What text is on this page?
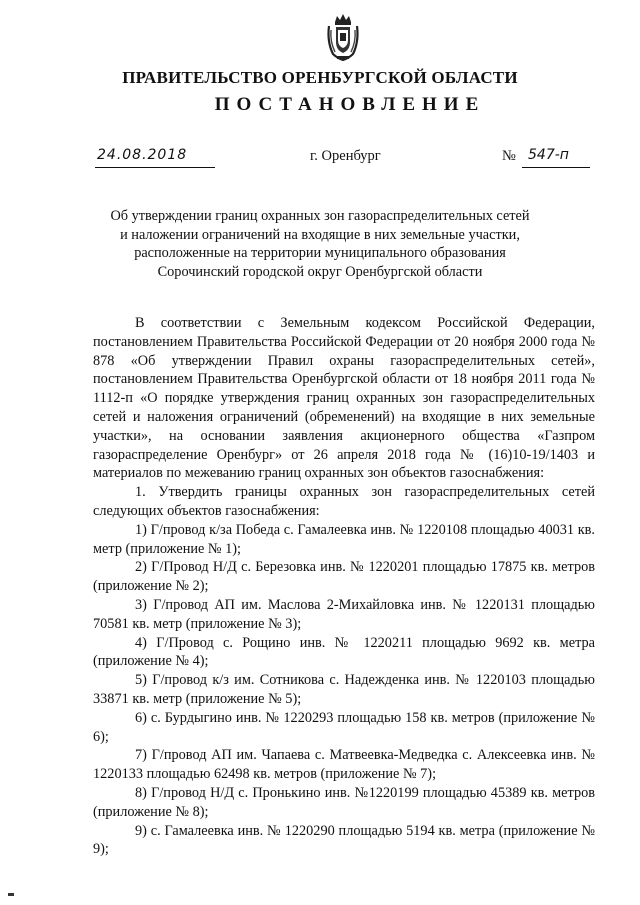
ПРАВИТЕЛЬСТВО ОРЕНБУРГСКОЙ ОБЛАСТИ
ПОСТАНОВЛЕНИЕ
24.08.2018	г. Оренбург	№ 547-п
Об утверждении границ охранных зон газораспределительных сетей
и наложении ограничений на входящие в них земельные участки,
расположенные на территории муниципального образования
Сорочинский городской округ Оренбургской области

В соответствии с Земельным кодексом Российской Федерации, постановлением Правительства Российской Федерации от 20 ноября 2000 года № 878 «Об утверждении Правил охраны газораспределительных сетей», постановлением Правительства Оренбургской области от 18 ноября 2011 года № 1112-п «О порядке утверждения границ охранных зон газораспределительных сетей и наложения ограничений (обременений) на входящие в них земельные участки», на основании заявления акционерного общества «Газпром газораспределение Оренбург» от 26 апреля 2018 года № (16)10-19/1403 и материалов по межеванию границ охранных зон объектов газоснабжения:

1. Утвердить границы охранных зон газораспределительных сетей следующих объектов газоснабжения:

1) Г/провод к/за Победа с. Гамалеевка инв. № 1220108 площадью 40031 кв. метр (приложение № 1);

2) Г/Провод Н/Д с. Березовка инв. № 1220201 площадью 17875 кв. метров (приложение № 2);

3) Г/провод АП им. Маслова 2-Михайловка инв. № 1220131 площадью 70581 кв. метр (приложение № 3);

4) Г/Провод с. Рощино инв. № 1220211 площадью 9692 кв. метра (приложение № 4);

5) Г/провод к/з им. Сотникова с. Надежденка инв. № 1220103 площадью 33871 кв. метр (приложение № 5);

6) с. Бурдыгино инв. № 1220293 площадью 158 кв. метров (приложение № 6);

7) Г/провод АП им. Чапаева с. Матвеевка-Медведка с. Алексеевка инв. № 1220133 площадью 62498 кв. метров (приложение № 7);

8) Г/провод Н/Д с. Пронькино инв. №1220199 площадью 45389 кв. метров (приложение № 8);

9) с. Гамалеевка инв. № 1220290 площадью 5194 кв. метра (приложение № 9);
